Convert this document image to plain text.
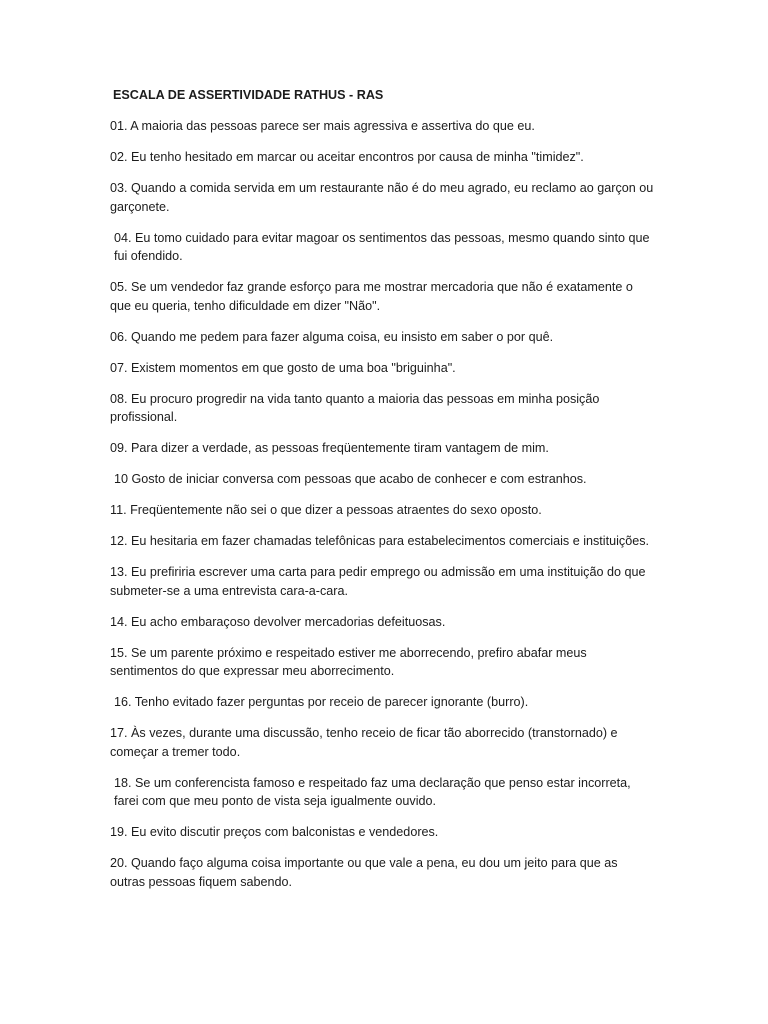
ESCALA DE ASSERTIVIDADE RATHUS - RAS
01. A maioria das pessoas parece ser mais agressiva e assertiva do que eu.
02. Eu tenho hesitado em marcar ou aceitar encontros por causa de minha "timidez".
03. Quando a comida servida em um restaurante não é do meu agrado, eu reclamo ao garçon ou garçonete.
04. Eu tomo cuidado para evitar magoar os sentimentos das pessoas, mesmo quando sinto que fui ofendido.
05. Se um vendedor faz grande esforço para me mostrar mercadoria que não é exatamente o que eu queria, tenho dificuldade em dizer "Não".
06. Quando me pedem para fazer alguma coisa, eu insisto em saber o por quê.
07. Existem momentos em que gosto de uma boa "briguinha".
08. Eu procuro progredir na vida tanto quanto a maioria das pessoas em minha posição profissional.
09. Para dizer a verdade, as pessoas freqüentemente tiram vantagem de mim.
10 Gosto de iniciar conversa com pessoas que acabo de conhecer e com estranhos.
11. Freqüentemente não sei o que dizer a pessoas atraentes do sexo oposto.
12. Eu hesitaria em fazer chamadas telefônicas para estabelecimentos comerciais e instituições.
13. Eu prefiriria escrever uma carta para pedir emprego ou admissão em uma instituição do que submeter-se a uma entrevista cara-a-cara.
14. Eu acho embaraçoso devolver mercadorias defeituosas.
15. Se um parente próximo e respeitado estiver me aborrecendo, prefiro abafar meus sentimentos do que expressar meu aborrecimento.
16. Tenho evitado fazer perguntas por receio de parecer ignorante (burro).
17. Às vezes, durante uma discussão, tenho receio de ficar tão aborrecido (transtornado) e começar a tremer todo.
18. Se um conferencista famoso e respeitado faz uma declaração que penso estar incorreta, farei com que meu ponto de vista seja igualmente ouvido.
19. Eu evito discutir preços com balconistas e vendedores.
20. Quando faço alguma coisa importante ou que vale a pena, eu dou um jeito para que as outras pessoas fiquem sabendo.
